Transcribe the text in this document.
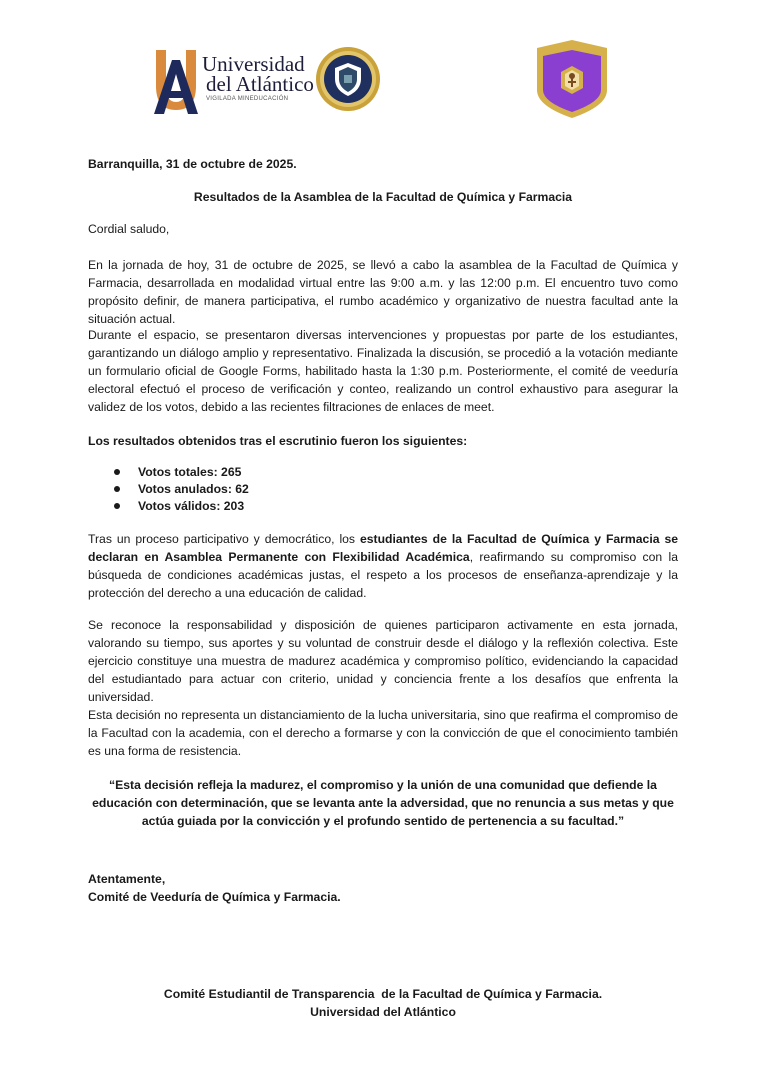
Universidad
del Atlántico
VIGILADA MINEDUCACIÓN
Barranquilla, 31 de octubre de 2025.
Resultados de la Asamblea de la Facultad de Química y Farmacia
Cordial saludo,
En la jornada de hoy, 31 de octubre de 2025, se llevó a cabo la asamblea de la Facultad de Química y Farmacia, desarrollada en modalidad virtual entre las 9:00 a.m. y las 12:00 p.m. El encuentro tuvo como propósito definir, de manera participativa, el rumbo académico y organizativo de nuestra facultad ante la situación actual.
Durante el espacio, se presentaron diversas intervenciones y propuestas por parte de los estudiantes, garantizando un diálogo amplio y representativo. Finalizada la discusión, se procedió a la votación mediante un formulario oficial de Google Forms, habilitado hasta la 1:30 p.m. Posteriormente, el comité de veeduría electoral efectuó el proceso de verificación y conteo, realizando un control exhaustivo para asegurar la validez de los votos, debido a las recientes filtraciones de enlaces de meet.
Los resultados obtenidos tras el escrutinio fueron los siguientes:
Votos totales: 265
Votos anulados: 62
Votos válidos: 203
Tras un proceso participativo y democrático, los estudiantes de la Facultad de Química y Farmacia se declaran en Asamblea Permanente con Flexibilidad Académica, reafirmando su compromiso con la búsqueda de condiciones académicas justas, el respeto a los procesos de enseñanza-aprendizaje y la protección del derecho a una educación de calidad.
Se reconoce la responsabilidad y disposición de quienes participaron activamente en esta jornada, valorando su tiempo, sus aportes y su voluntad de construir desde el diálogo y la reflexión colectiva. Este ejercicio constituye una muestra de madurez académica y compromiso político, evidenciando la capacidad del estudiantado para actuar con criterio, unidad y conciencia frente a los desafíos que enfrenta la universidad.
Esta decisión no representa un distanciamiento de la lucha universitaria, sino que reafirma el compromiso de la Facultad con la academia, con el derecho a formarse y con la convicción de que el conocimiento también es una forma de resistencia.
“Esta decisión refleja la madurez, el compromiso y la unión de una comunidad que defiende la educación con determinación, que se levanta ante la adversidad, que no renuncia a sus metas y que actúa guiada por la convicción y el profundo sentido de pertenencia a su facultad.”
Atentamente,
Comité de Veeduría de Química y Farmacia.
Comité Estudiantil de Transparencia  de la Facultad de Química y Farmacia.
Universidad del Atlántico
